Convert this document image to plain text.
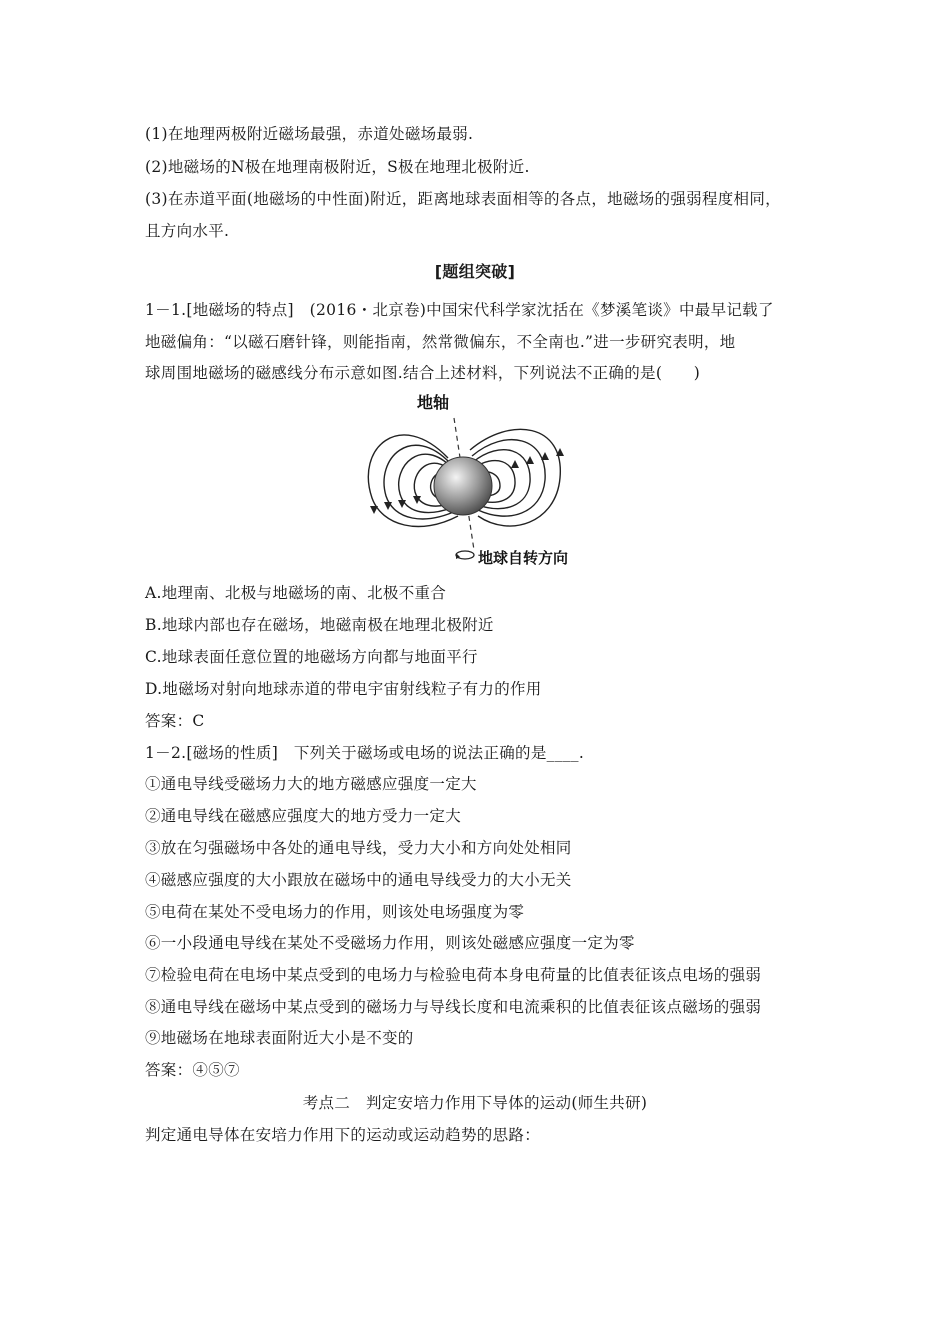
(1)在地理两极附近磁场最强，赤道处磁场最弱.
(2)地磁场的N极在地理南极附近，S极在地理北极附近.
(3)在赤道平面(地磁场的中性面)附近，距离地球表面相等的各点，地磁场的强弱程度相同，
且方向水平.
[题组突破]
1－1.[地磁场的特点]　(2016・北京卷)中国宋代科学家沈括在《梦溪笔谈》中最早记载了
地磁偏角：“以磁石磨针锋，则能指南，然常微偏东，不全南也.”进一步研究表明，地
球周围地磁场的磁感线分布示意如图.结合上述材料，下列说法不正确的是(　　)
地轴
地球自转方向
A.地理南、北极与地磁场的南、北极不重合
B.地球内部也存在磁场，地磁南极在地理北极附近
C.地球表面任意位置的地磁场方向都与地面平行
D.地磁场对射向地球赤道的带电宇宙射线粒子有力的作用
答案：C
1－2.[磁场的性质]　下列关于磁场或电场的说法正确的是____.
①通电导线受磁场力大的地方磁感应强度一定大
②通电导线在磁感应强度大的地方受力一定大
③放在匀强磁场中各处的通电导线，受力大小和方向处处相同
④磁感应强度的大小跟放在磁场中的通电导线受力的大小无关
⑤电荷在某处不受电场力的作用，则该处电场强度为零
⑥一小段通电导线在某处不受磁场力作用，则该处磁感应强度一定为零
⑦检验电荷在电场中某点受到的电场力与检验电荷本身电荷量的比值表征该点电场的强弱
⑧通电导线在磁场中某点受到的磁场力与导线长度和电流乘积的比值表征该点磁场的强弱
⑨地磁场在地球表面附近大小是不变的
答案：④⑤⑦
考点二　判定安培力作用下导体的运动(师生共研)
判定通电导体在安培力作用下的运动或运动趋势的思路：
